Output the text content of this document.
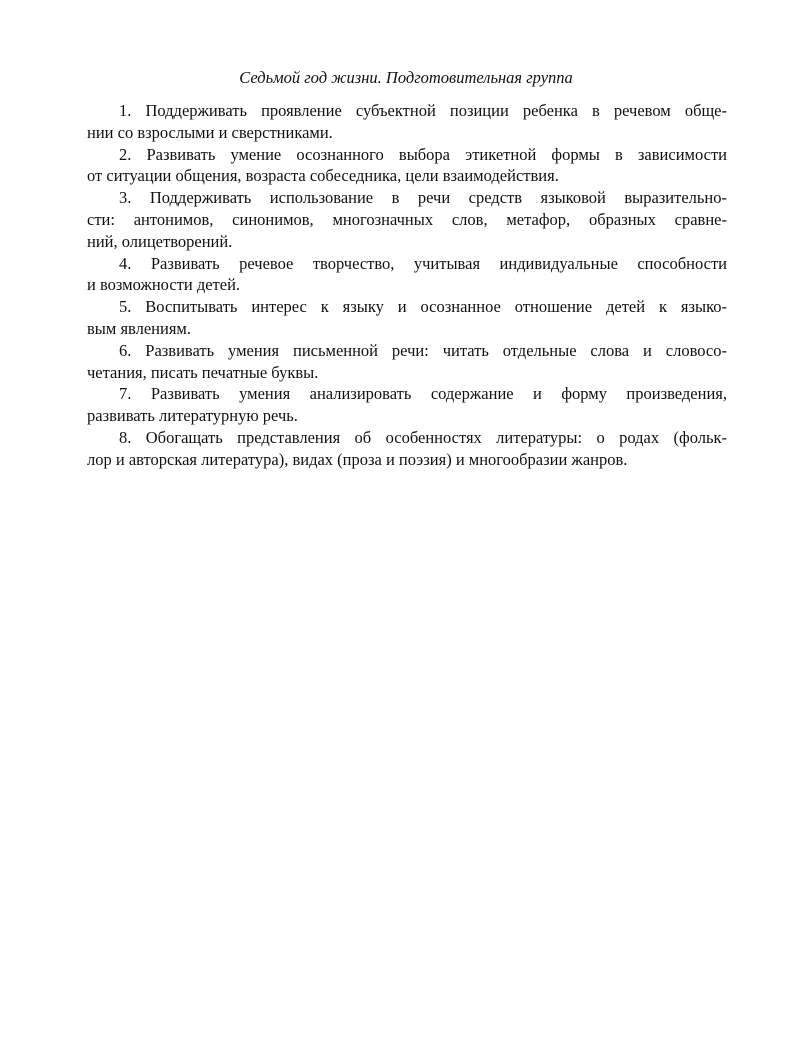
Седьмой год жизни. Подготовительная группа
1. Поддерживать проявление субъектной позиции ребенка в речевом обще-
нии со взрослыми и сверстниками.
2. Развивать умение осознанного выбора этикетной формы в зависимости
от ситуации общения, возраста собеседника, цели взаимодействия.
3. Поддерживать использование в речи средств языковой выразительно-
сти: антонимов, синонимов, многозначных слов, метафор, образных сравне-
ний, олицетворений.
4. Развивать речевое творчество, учитывая индивидуальные способности
и возможности детей.
5. Воспитывать интерес к языку и осознанное отношение детей к языко-
вым явлениям.
6. Развивать умения письменной речи: читать отдельные слова и словосо-
четания, писать печатные буквы.
7. Развивать умения анализировать содержание и форму произведения,
развивать литературную речь.
8. Обогащать представления об особенностях литературы: о родах (фольк-
лор и авторская литература), видах (проза и поэзия) и многообразии жанров.
